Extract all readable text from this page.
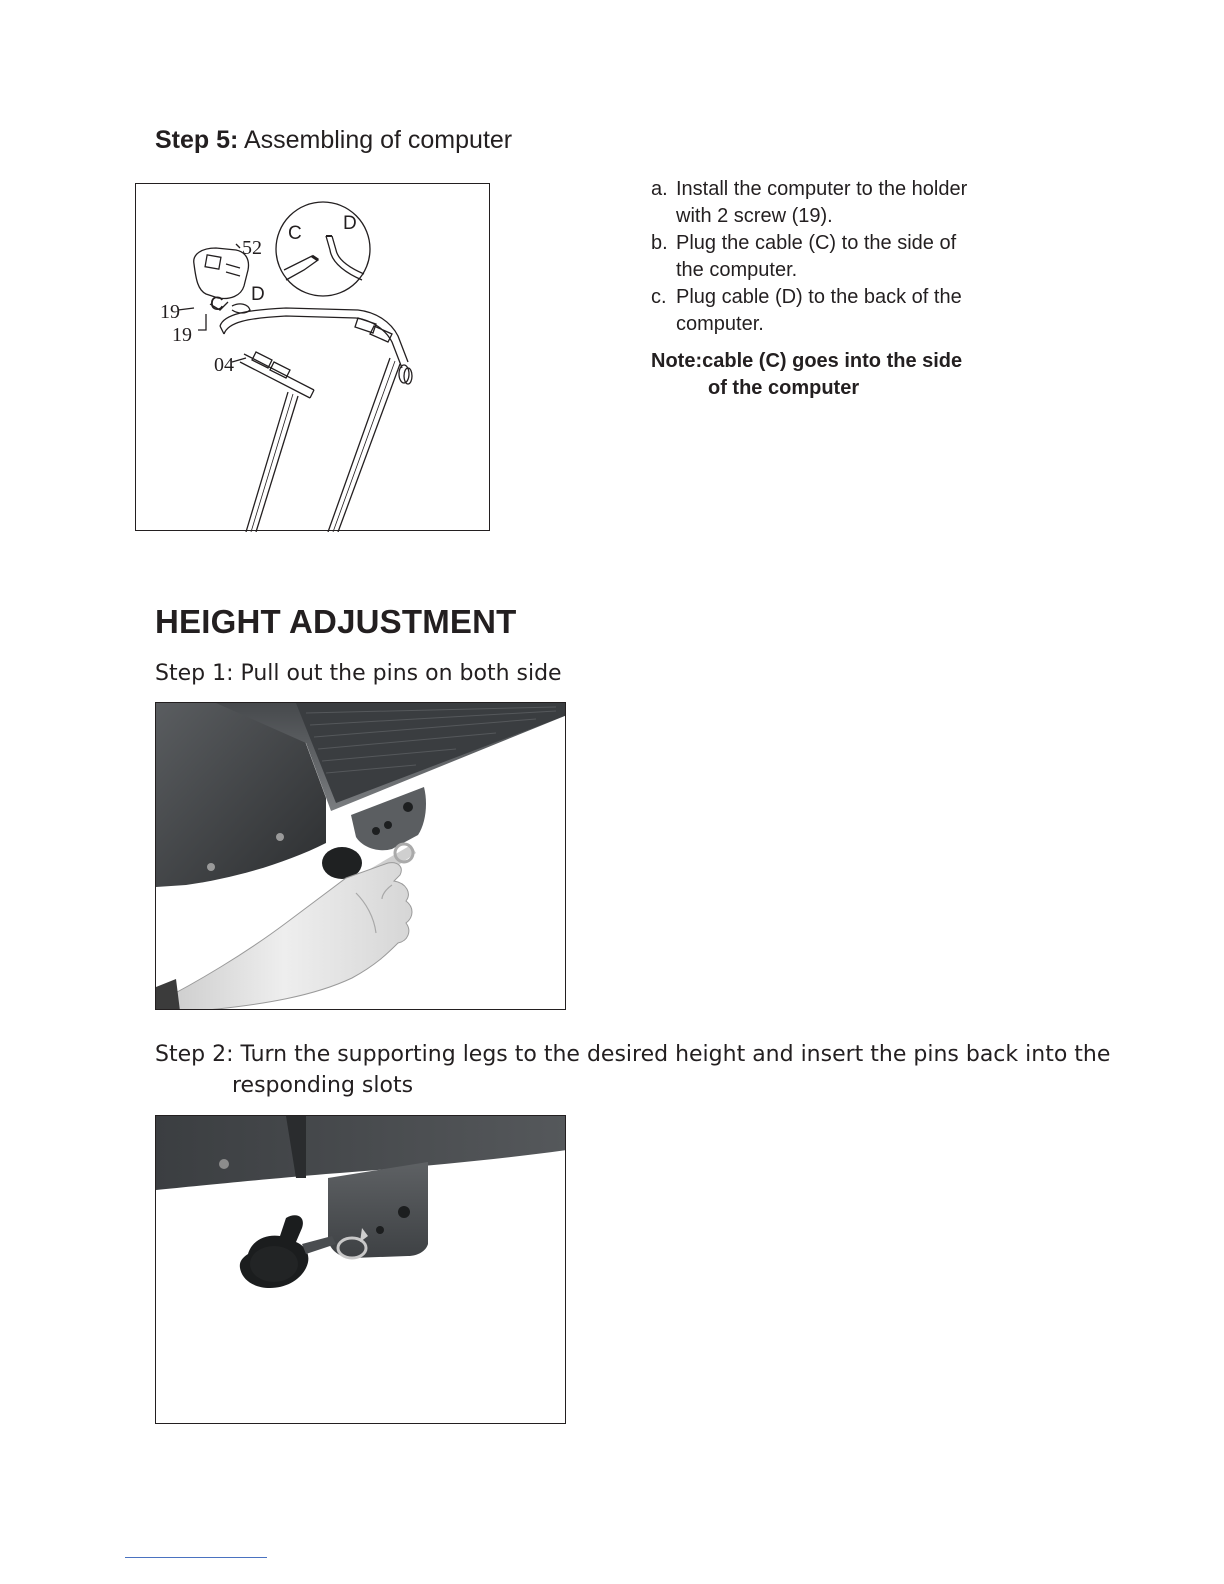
Step 5: Assembling of computer
52
19
19
04
C D
C D
a. Install the computer to the holder
with 2 screw (19).
b. Plug the cable (C) to the side of
the computer.
c. Plug cable (D) to the back of the
computer.
Note:cable (C) goes into the side
of the computer
HEIGHT ADJUSTMENT
Step 1: Pull out the pins on both side
Step 2: Turn the supporting legs to the desired height and insert the pins back into the
responding slots
